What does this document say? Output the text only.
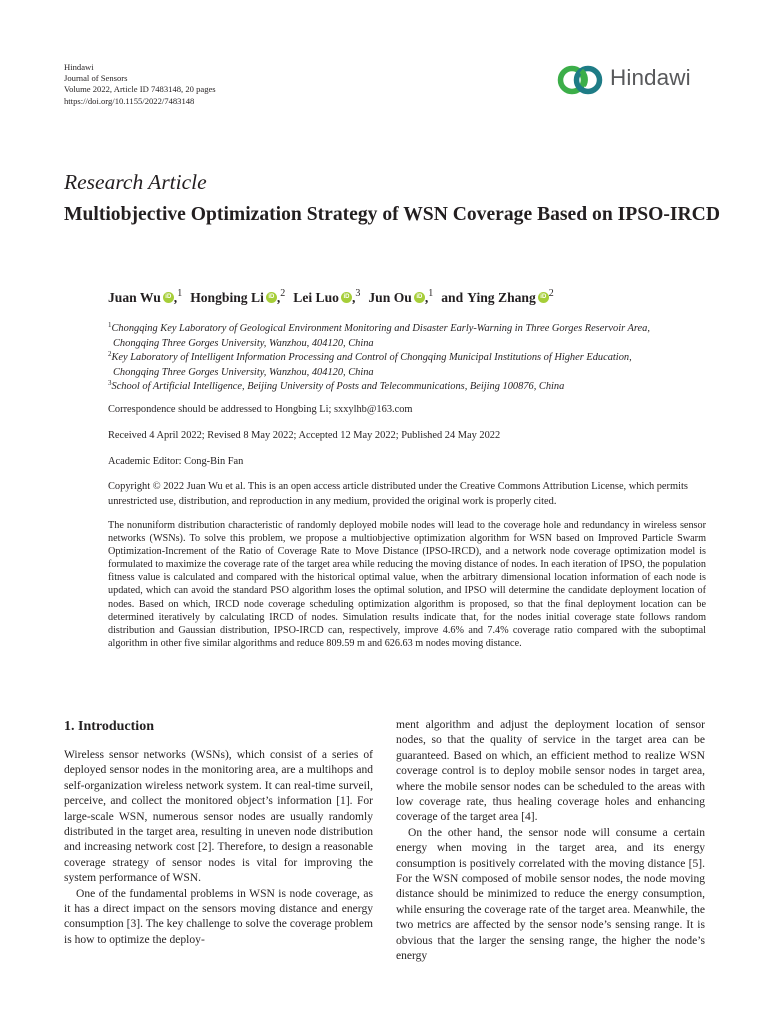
Hindawi
Journal of Sensors
Volume 2022, Article ID 7483148, 20 pages
https://doi.org/10.1155/2022/7483148
Hindawi
Research Article
Multiobjective Optimization Strategy of WSN Coverage Based on IPSO-IRCD
Juan Wu iD ,$^1$ Hongbing Li iD ,$^2$ Lei Luo iD ,$^3$ Jun Ou iD ,$^1$ and Ying Zhang iD $^2$
$^1$Chongqing Key Laboratory of Geological Environment Monitoring and Disaster Early-Warning in Three Gorges Reservoir Area,
Chongqing Three Gorges University, Wanzhou, 404120, China
$^2$Key Laboratory of Intelligent Information Processing and Control of Chongqing Municipal Institutions of Higher Education,
Chongqing Three Gorges University, Wanzhou, 404120, China
$^3$School of Artificial Intelligence, Beijing University of Posts and Telecommunications, Beijing 100876, China
Correspondence should be addressed to Hongbing Li; sxxylhb@163.com
Received 4 April 2022; Revised 8 May 2022; Accepted 12 May 2022; Published 24 May 2022
Academic Editor: Cong-Bin Fan
Copyright © 2022 Juan Wu et al. This is an open access article distributed under the Creative Commons Attribution License, which permits unrestricted use, distribution, and reproduction in any medium, provided the original work is properly cited.
The nonuniform distribution characteristic of randomly deployed mobile nodes will lead to the coverage hole and redundancy in wireless sensor networks (WSNs). To solve this problem, we propose a multiobjective optimization algorithm for WSN based on Improved Particle Swarm Optimization-Increment of the Ratio of Coverage Rate to Move Distance (IPSO-IRCD), and a network node coverage optimization model is formulated to maximize the coverage rate of the target area while reducing the moving distance of nodes. In each iteration of IPSO, the population fitness value is calculated and compared with the historical optimal value, when the arbitrary dimensional location information of each node is updated, which can avoid the standard PSO algorithm loses the optimal solution, and IPSO will determine the candidate deployment location of nodes. Based on which, IRCD node coverage scheduling optimization algorithm is proposed, so that the final deployment location can be determined iteratively by calculating IRCD of nodes. Simulation results indicate that, for the nodes initial coverage state follows random distribution and Gaussian distribution, IPSO-IRCD can, respectively, improve 4.6% and 7.4% coverage ratio compared with the suboptimal algorithm in other five similar algorithms and reduce 809.59 m and 626.63 m nodes moving distance.
1. Introduction

Wireless sensor networks (WSNs), which consist of a series of deployed sensor nodes in the monitoring area, are a multihops and self-organization wireless network system. It can real-time surveil, perceive, and collect the monitored object’s information [1]. For large-scale WSN, numerous sensor nodes are usually randomly distributed in the target area, resulting in uneven node distribution and increasing network cost [2]. Therefore, to design a reasonable coverage strategy of sensor nodes is vital for improving the system performance of WSN.

One of the fundamental problems in WSN is node coverage, as it has a direct impact on the sensors moving distance and energy consumption [3]. The key challenge to solve the coverage problem is how to optimize the deploy-

ment algorithm and adjust the deployment location of sensor nodes, so that the quality of service in the target area can be guaranteed. Based on which, an efficient method to realize WSN coverage control is to deploy mobile sensor nodes in target area, where the mobile sensor nodes can be scheduled to the areas with low coverage rate, thus healing coverage holes and enhancing coverage of the target area [4].

On the other hand, the sensor node will consume a certain energy when moving in the target area, and its energy consumption is positively correlated with the moving distance [5]. For the WSN composed of mobile sensor nodes, the node moving distance should be minimized to reduce the energy consumption, while ensuring the coverage rate of the target area. Meanwhile, the two metrics are affected by the sensor node’s sensing range. It is obvious that the larger the sensing range, the higher the node’s energy
